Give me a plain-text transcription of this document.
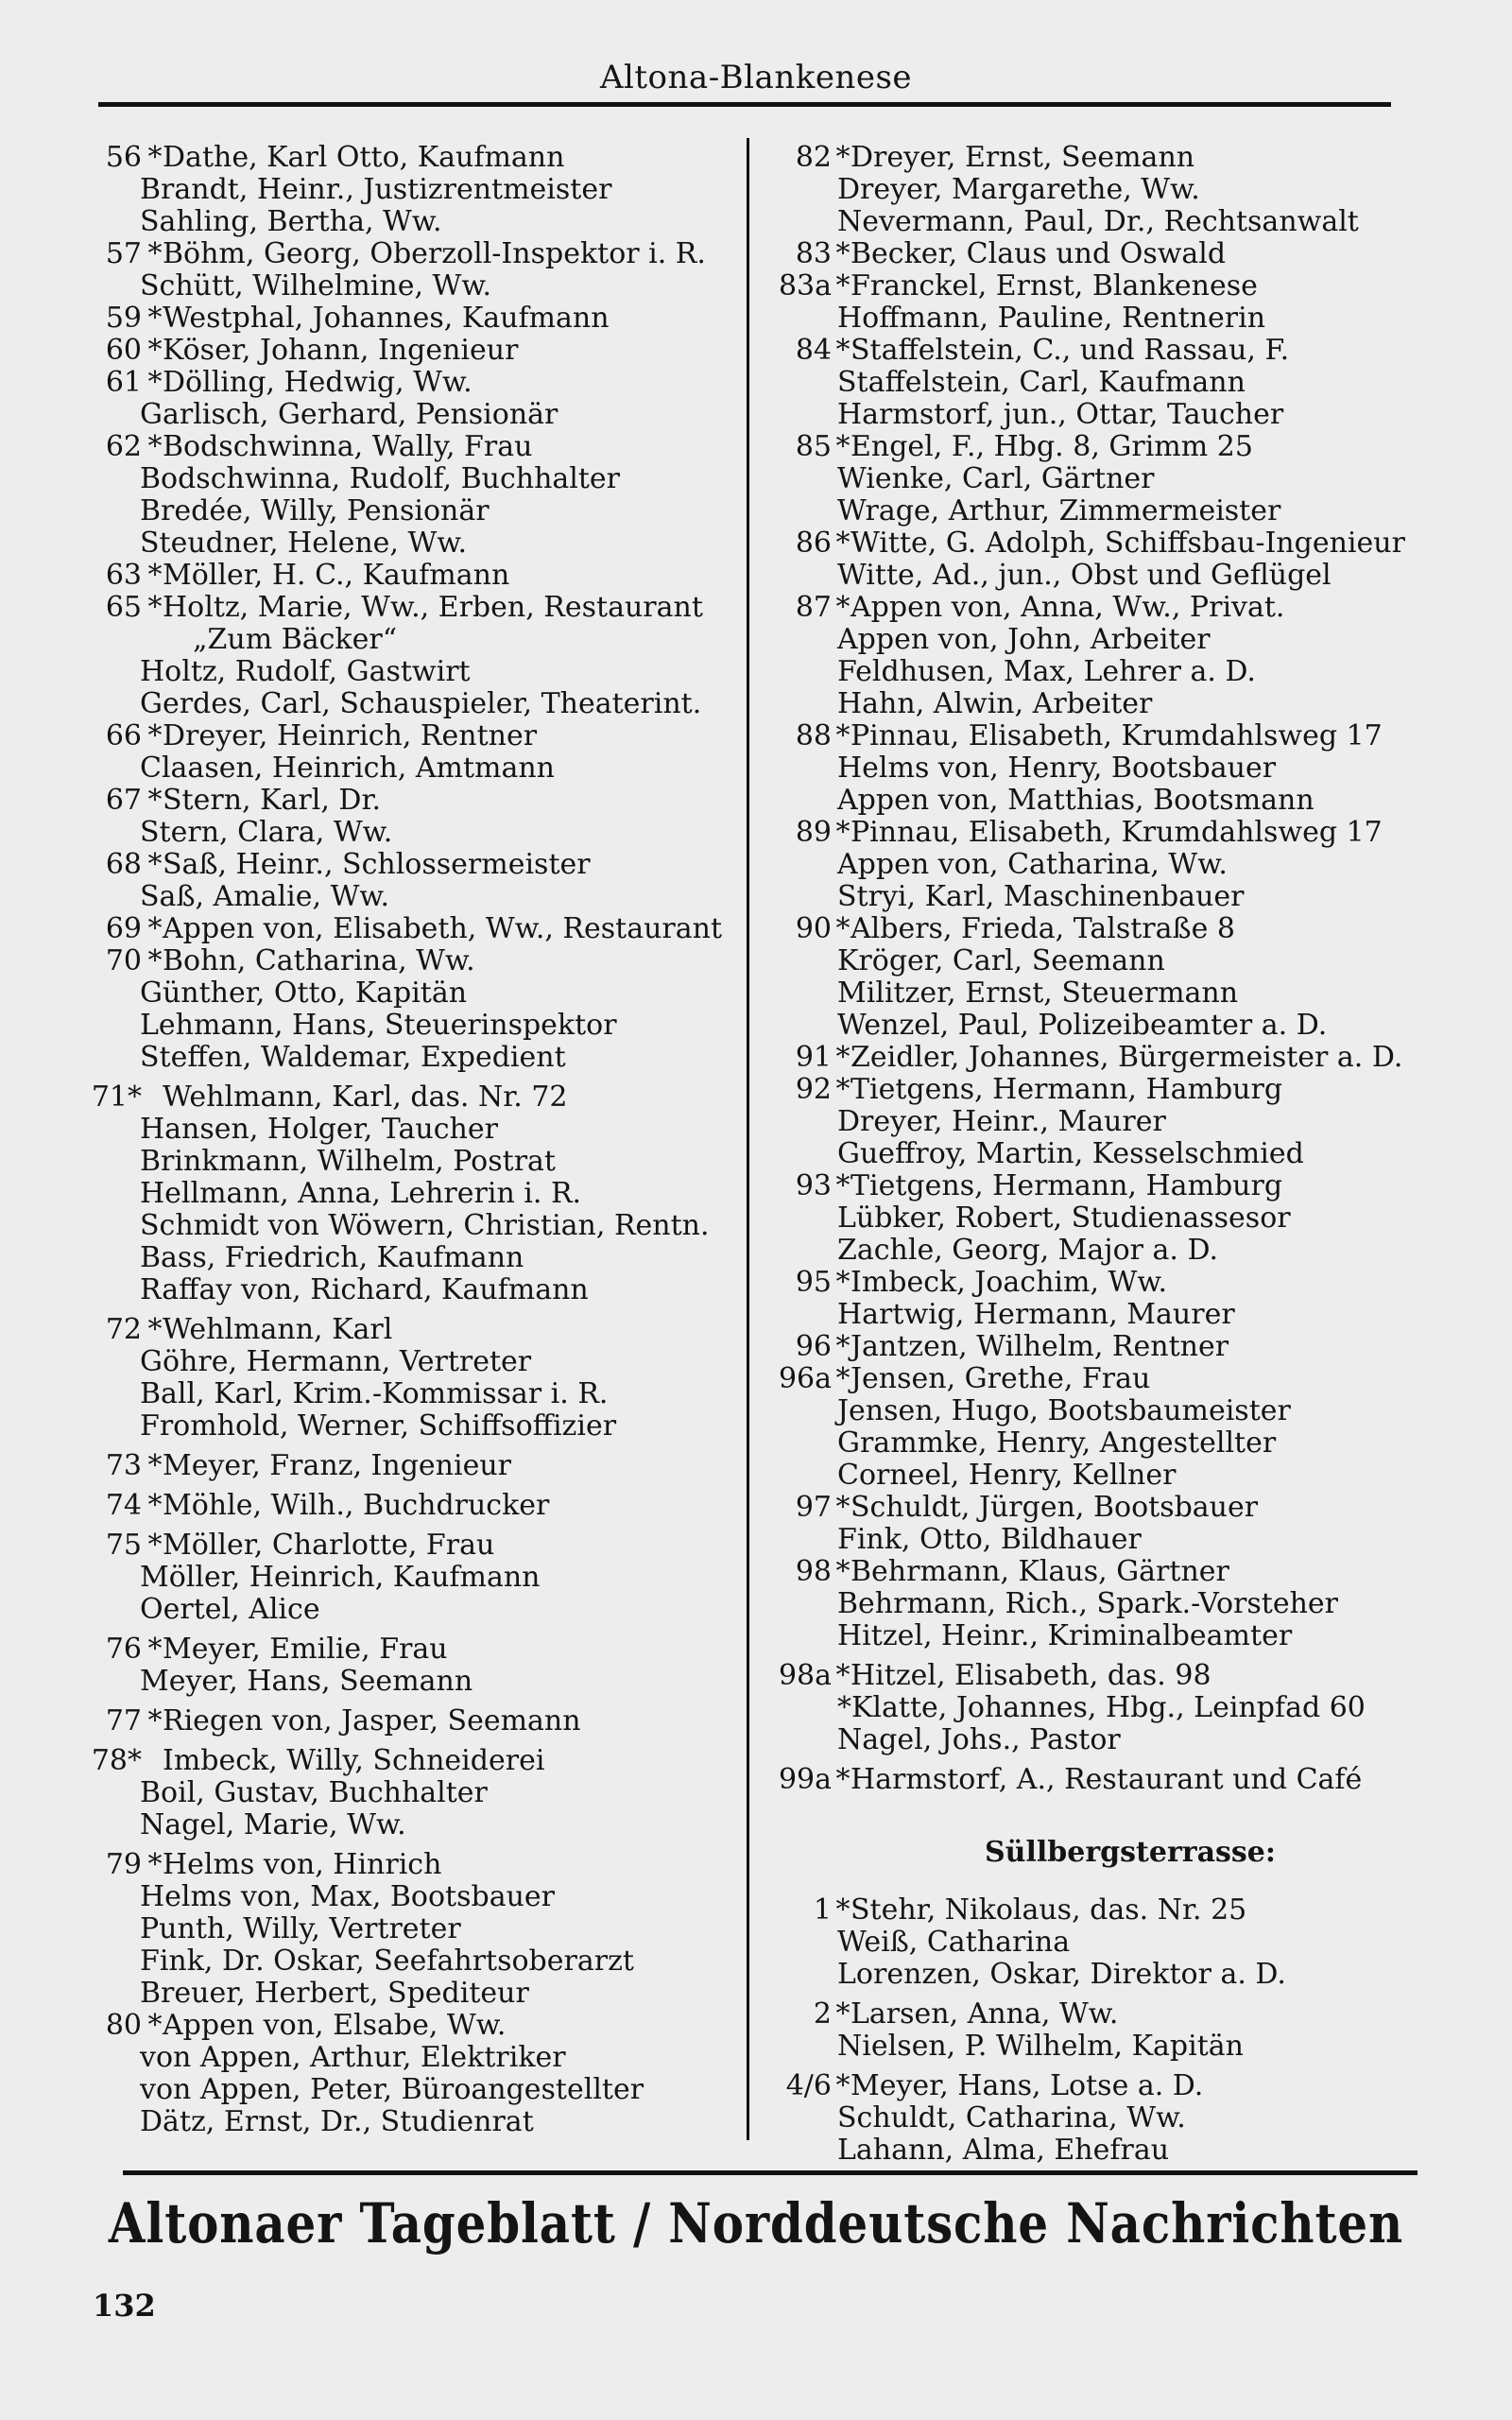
Altona-Blankenese
56 * Dathe, Karl Otto, Kaufmann
Brandt, Heinr., Justizrentmeister
Sahling, Bertha, Ww.
57 * Böhm, Georg, Oberzoll-Inspektor i. R.
Schütt, Wilhelmine, Ww.
59 * Westphal, Johannes, Kaufmann
60 * Köser, Johann, Ingenieur
61 * Dölling, Hedwig, Ww.
Garlisch, Gerhard, Pensionär
62 * Bodschwinna, Wally, Frau
Bodschwinna, Rudolf, Buchhalter
Bredée, Willy, Pensionär
Steudner, Helene, Ww.
63 * Möller, H. C., Kaufmann
65 * Holtz, Marie, Ww., Erben, Restaurant
„Zum Bäcker“
Holtz, Rudolf, Gastwirt
Gerdes, Carl, Schauspieler, Theaterint.
66 * Dreyer, Heinrich, Rentner
Claasen, Heinrich, Amtmann
67 * Stern, Karl, Dr.
Stern, Clara, Ww.
68 * Saß, Heinr., Schlossermeister
Saß, Amalie, Ww.
69 * Appen von, Elisabeth, Ww., Restaurant
70 * Bohn, Catharina, Ww.
Günther, Otto, Kapitän
Lehmann, Hans, Steuerinspektor
Steffen, Waldemar, Expedient
71* Wehlmann, Karl, das. Nr. 72
Hansen, Holger, Taucher
Brinkmann, Wilhelm, Postrat
Hellmann, Anna, Lehrerin i. R.
Schmidt von Wöwern, Christian, Rentn.
Bass, Friedrich, Kaufmann
Raffay von, Richard, Kaufmann
72 * Wehlmann, Karl
Göhre, Hermann, Vertreter
Ball, Karl, Krim.-Kommissar i. R.
Fromhold, Werner, Schiffsoffizier
73 * Meyer, Franz, Ingenieur
74 * Möhle, Wilh., Buchdrucker
75 * Möller, Charlotte, Frau
Möller, Heinrich, Kaufmann
Oertel, Alice
76 * Meyer, Emilie, Frau
Meyer, Hans, Seemann
77 * Riegen von, Jasper, Seemann
78* Imbeck, Willy, Schneiderei
Boil, Gustav, Buchhalter
Nagel, Marie, Ww.
79 * Helms von, Hinrich
Helms von, Max, Bootsbauer
Punth, Willy, Vertreter
Fink, Dr. Oskar, Seefahrtsoberarzt
Breuer, Herbert, Spediteur
80 * Appen von, Elsabe, Ww.
von Appen, Arthur, Elektriker
von Appen, Peter, Büroangestellter
Dätz, Ernst, Dr., Studienrat
82 * Dreyer, Ernst, Seemann
Dreyer, Margarethe, Ww.
Nevermann, Paul, Dr., Rechtsanwalt
83 * Becker, Claus und Oswald
83a * Franckel, Ernst, Blankenese
Hoffmann, Pauline, Rentnerin
84 * Staffelstein, C., und Rassau, F.
Staffelstein, Carl, Kaufmann
Harmstorf, jun., Ottar, Taucher
85 * Engel, F., Hbg. 8, Grimm 25
Wienke, Carl, Gärtner
Wrage, Arthur, Zimmermeister
86 * Witte, G. Adolph, Schiffsbau-Ingenieur
Witte, Ad., jun., Obst und Geflügel
87 * Appen von, Anna, Ww., Privat.
Appen von, John, Arbeiter
Feldhusen, Max, Lehrer a. D.
Hahn, Alwin, Arbeiter
88 * Pinnau, Elisabeth, Krumdahlsweg 17
Helms von, Henry, Bootsbauer
Appen von, Matthias, Bootsmann
89 * Pinnau, Elisabeth, Krumdahlsweg 17
Appen von, Catharina, Ww.
Stryi, Karl, Maschinenbauer
90 * Albers, Frieda, Talstraße 8
Kröger, Carl, Seemann
Militzer, Ernst, Steuermann
Wenzel, Paul, Polizeibeamter a. D.
91 * Zeidler, Johannes, Bürgermeister a. D.
92 * Tietgens, Hermann, Hamburg
Dreyer, Heinr., Maurer
Gueffroy, Martin, Kesselschmied
93 * Tietgens, Hermann, Hamburg
Lübker, Robert, Studienassesor
Zachle, Georg, Major a. D.
95 * Imbeck, Joachim, Ww.
Hartwig, Hermann, Maurer
96 * Jantzen, Wilhelm, Rentner
96a * Jensen, Grethe, Frau
Jensen, Hugo, Bootsbaumeister
Grammke, Henry, Angestellter
Corneel, Henry, Kellner
97 * Schuldt, Jürgen, Bootsbauer
Fink, Otto, Bildhauer
98 * Behrmann, Klaus, Gärtner
Behrmann, Rich., Spark.-Vorsteher
Hitzel, Heinr., Kriminalbeamter
98a * Hitzel, Elisabeth, das. 98
*Klatte, Johannes, Hbg., Leinpfad 60
Nagel, Johs., Pastor
99a * Harmstorf, A., Restaurant und Café
Süllbergsterrasse:
1 * Stehr, Nikolaus, das. Nr. 25
Weiß, Catharina
Lorenzen, Oskar, Direktor a. D.
2 * Larsen, Anna, Ww.
Nielsen, P. Wilhelm, Kapitän
4/6 * Meyer, Hans, Lotse a. D.
Schuldt, Catharina, Ww.
Lahann, Alma, Ehefrau
Altonaer Tageblatt / Norddeutsche Nachrichten
132
